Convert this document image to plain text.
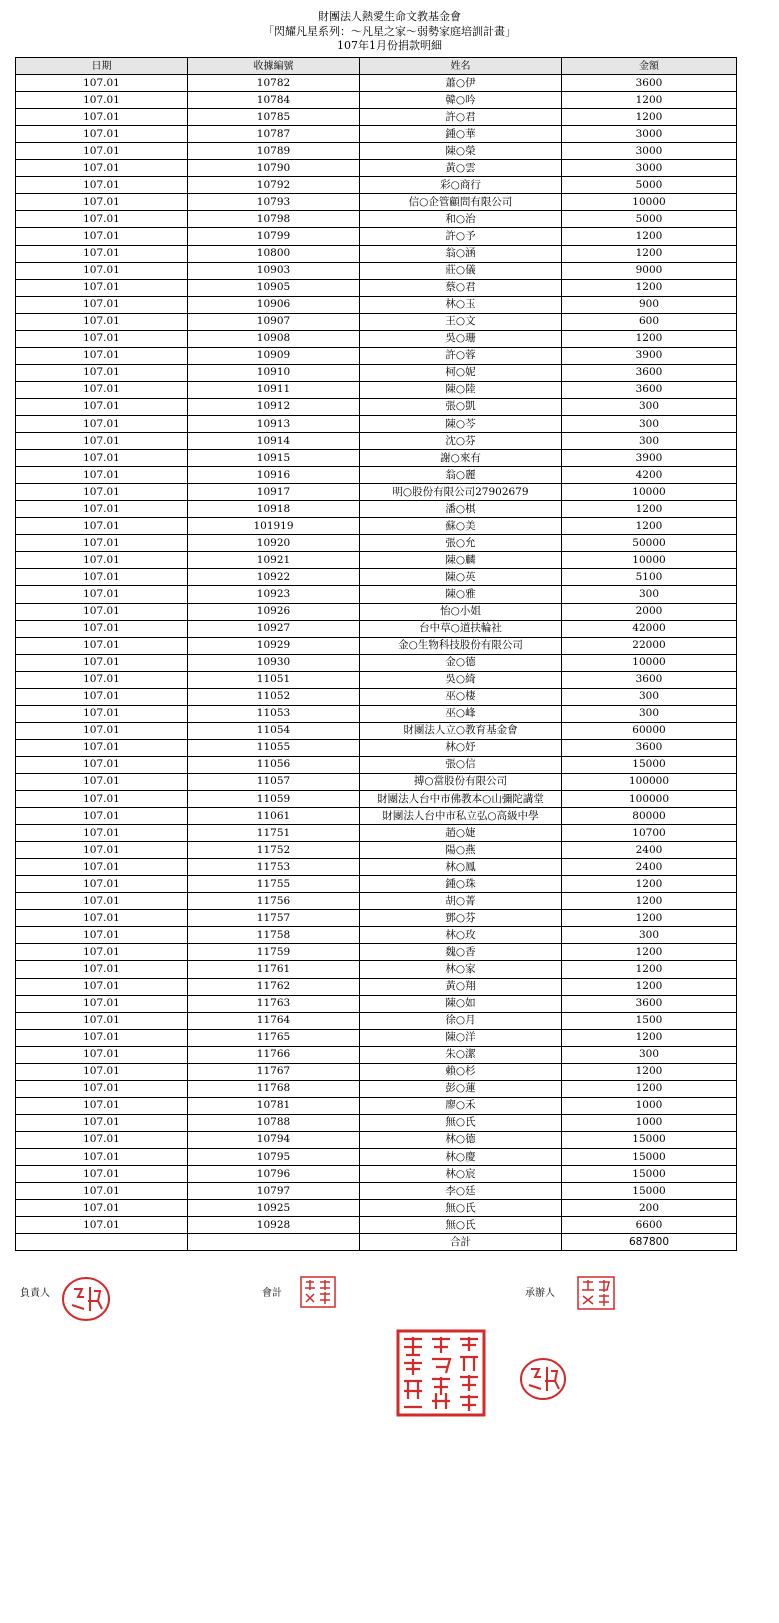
財團法人熱愛生命文教基金會
「閃耀凡星系列：～凡星之家～弱勢家庭培訓計畫」
107年1月份捐款明細
日期	收據編號	姓名	金額
107.01	10782	蕭○伊	3600
107.01	10784	韓○吟	1200
107.01	10785	許○君	1200
107.01	10787	鍾○華	3000
107.01	10789	陳○榮	3000
107.01	10790	黃○雲	3000
107.01	10792	彩○商行	5000
107.01	10793	信○企管顧問有限公司	10000
107.01	10798	和○治	5000
107.01	10799	許○予	1200
107.01	10800	翁○涵	1200
107.01	10903	莊○儀	9000
107.01	10905	蔡○君	1200
107.01	10906	林○玉	900
107.01	10907	王○文	600
107.01	10908	吳○珊	1200
107.01	10909	許○蓉	3900
107.01	10910	柯○妮	3600
107.01	10911	陳○陸	3600
107.01	10912	張○凱	300
107.01	10913	陳○芩	300
107.01	10914	沈○芬	300
107.01	10915	謝○來有	3900
107.01	10916	翁○麗	4200
107.01	10917	明○股份有限公司27902679	10000
107.01	10918	潘○棋	1200
107.01	101919	蘇○美	1200
107.01	10920	張○允	50000
107.01	10921	陳○麟	10000
107.01	10922	陳○英	5100
107.01	10923	陳○雅	300
107.01	10926	怡○小姐	2000
107.01	10927	台中草○道扶輪社	42000
107.01	10929	金○生物科技股份有限公司	22000
107.01	10930	金○德	10000
107.01	11051	吳○綺	3600
107.01	11052	巫○棲	300
107.01	11053	巫○峰	300
107.01	11054	財團法人立○教育基金會	60000
107.01	11055	林○妤	3600
107.01	11056	張○信	15000
107.01	11057	搏○當股份有限公司	100000
107.01	11059	財團法人台中市佛教本○山彌陀講堂	100000
107.01	11061	財團法人台中市私立弘○高級中學	80000
107.01	11751	趙○婕	10700
107.01	11752	陽○燕	2400
107.01	11753	林○鳳	2400
107.01	11755	鍾○珠	1200
107.01	11756	胡○菁	1200
107.01	11757	鄧○芬	1200
107.01	11758	林○玫	300
107.01	11759	魏○香	1200
107.01	11761	林○家	1200
107.01	11762	黃○翔	1200
107.01	11763	陳○如	3600
107.01	11764	徐○月	1500
107.01	11765	陳○洋	1200
107.01	11766	朱○潔	300
107.01	11767	賴○杉	1200
107.01	11768	彭○蓮	1200
107.01	10781	廖○禾	1000
107.01	10788	無○氏	1000
107.01	10794	林○德	15000
107.01	10795	林○慶	15000
107.01	10796	林○宸	15000
107.01	10797	李○廷	15000
107.01	10925	無○氏	200
107.01	10928	無○氏	6600
		合計	687800
負責人	會計	承辦人
